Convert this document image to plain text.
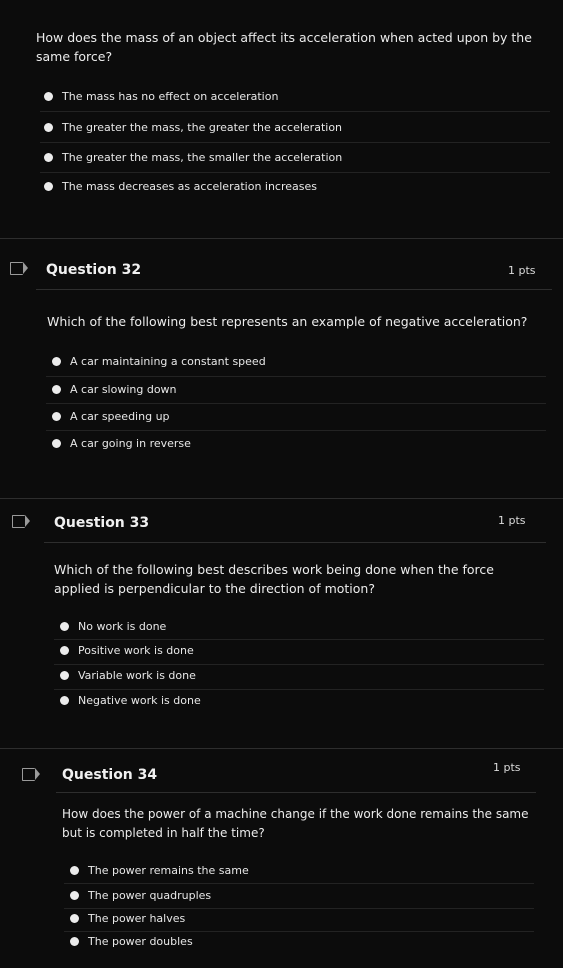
How does the mass of an object affect its acceleration when acted upon by the same force?
The mass has no effect on acceleration
The greater the mass, the greater the acceleration
The greater the mass, the smaller the acceleration
The mass decreases as acceleration increases
Question 32	1 pts
Which of the following best represents an example of negative acceleration?
A car maintaining a constant speed
A car slowing down
A car speeding up
A car going in reverse
Question 33	1 pts
Which of the following best describes work being done when the force applied is perpendicular to the direction of motion?
No work is done
Positive work is done
Variable work is done
Negative work is done
Question 34	1 pts
How does the power of a machine change if the work done remains the same but is completed in half the time?
The power remains the same
The power quadruples
The power halves
The power doubles
